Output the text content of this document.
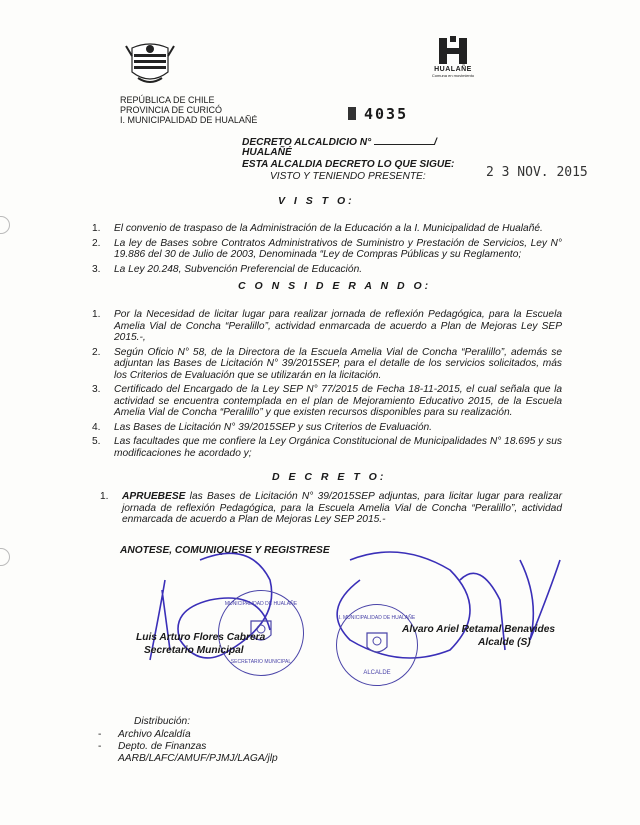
REPÚBLICA DE CHILE
PROVINCIA DE CURICÓ
I. MUNICIPALIDAD DE HUALAÑÉ
HUALAÑE
Comuna en movimiento
4035
DECRETO ALCALDICIO N°	/
HUALAÑÉ
ESTA ALCALDIA DECRETO LO QUE SIGUE:
VISTO Y TENIENDO PRESENTE:	2 3 NOV. 2015
V I S T O:
1. El convenio de traspaso de la Administración de la Educación a la I. Municipalidad de Hualañé.
2. La ley de Bases sobre Contratos Administrativos de Suministro y Prestación de Servicios, Ley N° 19.886 del 30 de Julio de 2003, Denominada “Ley de Compras Públicas y su Reglamento;
3. La Ley 20.248, Subvención Preferencial de Educación.
C O N S I D E R A N D O:
1. Por la Necesidad de licitar lugar para realizar jornada de reflexión Pedagógica, para la Escuela Amelia Vial de Concha “Peralillo”, actividad enmarcada de acuerdo a Plan de Mejoras Ley SEP 2015.-,
2. Según Oficio N° 58, de la Directora de la Escuela Amelia Vial de Concha “Peralillo”, además se adjuntan las Bases de Licitación N° 39/2015SEP, para el detalle de los servicios solicitados, más los Criterios de Evaluación que se utilizarán en la licitación.
3. Certificado del Encargado de la Ley SEP N° 77/2015 de Fecha 18-11-2015, el cual señala que la actividad se encuentra contemplada en el plan de Mejoramiento Educativo 2015, de la Escuela Amelia Vial de Concha “Peralillo” y que existen recursos disponibles para su realización.
4. Las Bases de Licitación N° 39/2015SEP y sus Criterios de Evaluación.
5. Las facultades que me confiere la Ley Orgánica Constitucional de Municipalidades N° 18.695 y sus modificaciones he acordado y;
D E C R E T O:
1. APRUEBESE las Bases de Licitación N° 39/2015SEP adjuntas, para licitar lugar para realizar jornada de reflexión Pedagógica, para la Escuela Amelia Vial de Concha “Peralillo”, actividad enmarcada de acuerdo a Plan de Mejoras Ley SEP 2015.-
ANOTESE, COMUNIQUESE Y REGISTRESE
MUNICIPALIDAD DE HUALAÑE
SECRETARIO MUNICIPAL
I. MUNICIPALIDAD DE HUALAÑE
ALCALDE
Luis Arturo Flores Cabrera
Secretario Municipal
Alvaro Ariel Retamal Benavides
Alcalde (S)
Distribución:
- Archivo Alcaldía
- Depto. de Finanzas
AARB/LAFC/AMUF/PJMJ/LAGA/jlp
